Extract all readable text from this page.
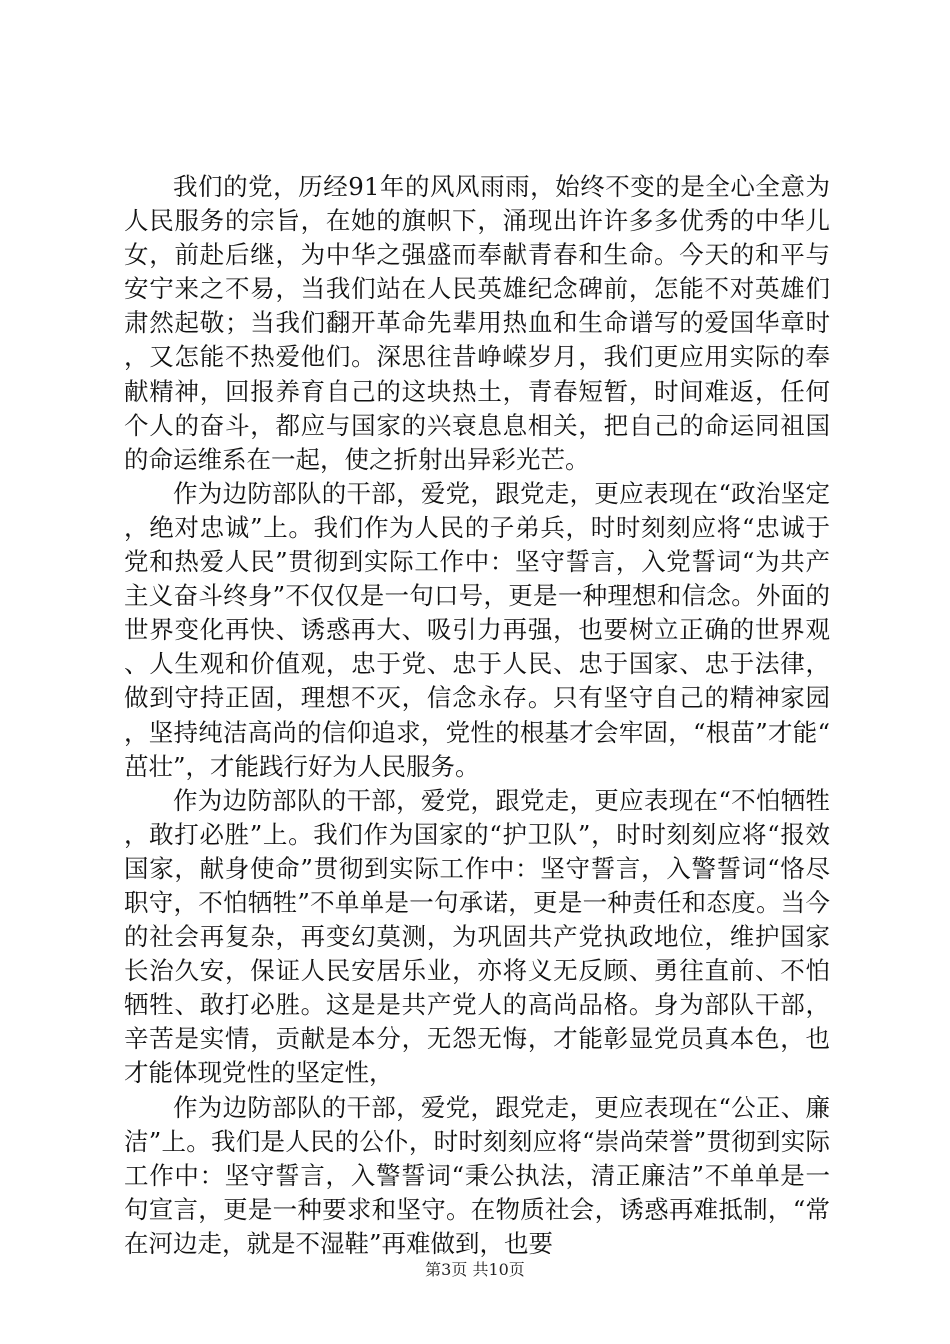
我们的党，历经91年的风风雨雨，始终不变的是全心全意为人民服务的宗旨，在她的旗帜下，涌现出许许多多优秀的中华儿女，前赴后继，为中华之强盛而奉献青春和生命。今天的和平与安宁来之不易，当我们站在人民英雄纪念碑前，怎能不对英雄们肃然起敬；当我们翻开革命先辈用热血和生命谱写的爱国华章时，又怎能不热爱他们。深思往昔峥嵘岁月，我们更应用实际的奉献精神，回报养育自己的这块热土，青春短暂，时间难返，任何个人的奋斗，都应与国家的兴衰息息相关，把自己的命运同祖国的命运维系在一起，使之折射出异彩光芒。

作为边防部队的干部，爱党，跟党走，更应表现在“政治坚定，绝对忠诚”上。我们作为人民的子弟兵，时时刻刻应将“忠诚于党和热爱人民”贯彻到实际工作中：坚守誓言，入党誓词“为共产主义奋斗终身”不仅仅是一句口号，更是一种理想和信念。外面的世界变化再快、诱惑再大、吸引力再强，也要树立正确的世界观、人生观和价值观，忠于党、忠于人民、忠于国家、忠于法律，做到守持正固，理想不灭，信念永存。只有坚守自己的精神家园，坚持纯洁高尚的信仰追求，党性的根基才会牢固，“根苗”才能“茁壮”，才能践行好为人民服务。

作为边防部队的干部，爱党，跟党走，更应表现在“不怕牺牲，敢打必胜”上。我们作为国家的“护卫队”，时时刻刻应将“报效国家，献身使命”贯彻到实际工作中：坚守誓言，入警誓词“恪尽职守，不怕牺牲”不单单是一句承诺，更是一种责任和态度。当今的社会再复杂，再变幻莫测，为巩固共产党执政地位，维护国家长治久安，保证人民安居乐业，亦将义无反顾、勇往直前、不怕牺牲、敢打必胜。这是是共产党人的高尚品格。身为部队干部，辛苦是实情，贡献是本分，无怨无悔，才能彰显党员真本色，也才能体现党性的坚定性，

作为边防部队的干部，爱党，跟党走，更应表现在“公正、廉洁”上。我们是人民的公仆，时时刻刻应将“崇尚荣誉”贯彻到实际工作中：坚守誓言，入警誓词“秉公执法，清正廉洁”不单单是一句宣言，更是一种要求和坚守。在物质社会，诱惑再难抵制，“常在河边走，就是不湿鞋”再难做到，也要

第3页 共10页
